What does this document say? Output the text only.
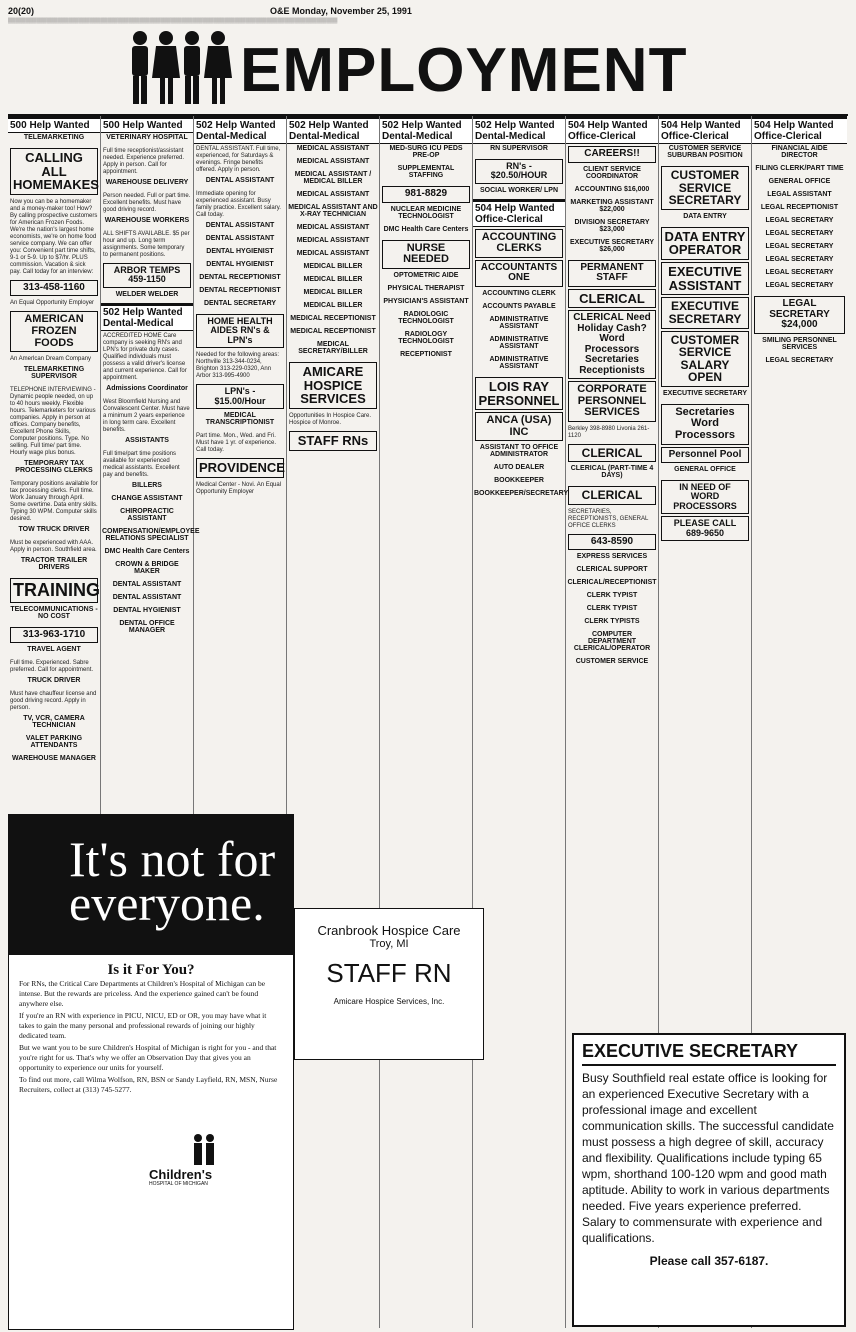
20(20)	O&E Monday, November 25, 1991
▒▒▒▒▒▒▒▒▒▒▒▒▒▒▒▒▒▒▒▒▒▒▒▒▒▒▒▒▒▒▒▒▒▒▒▒▒▒▒▒▒▒▒▒▒▒▒▒▒▒▒▒▒▒▒▒▒▒▒▒▒▒▒▒▒▒▒▒▒▒▒▒▒▒▒▒▒▒▒▒▒▒▒▒▒▒▒▒▒▒▒▒▒
EMPLOYMENT
500 Help Wanted
TELEMARKETING
CALLING ALL HOMEMAKES
Now you can be a homemaker and a money-maker too! How? By calling prospective customers for American Frozen Foods. We're the nation's largest home economists, we're on home food service company. We can offer you: Convenient part time shifts, 9-1 or 5-9. Up to $7/hr. PLUS commission. Vacation & sick pay. Call today for an interview:
313-458-1160
An Equal Opportunity Employer
AMERICAN FROZEN FOODS
An Amerlcan Dream Company
TELEMARKETING SUPERVISOR
TELEPHONE INTERVIEWING - Dynamic people needed, on up to 40 hours weekly. Flexible hours. Telemarketers for various companies. Apply in person at offices. Company benefits, Excellent Phone Skills, Computer positions. Type. No selling. Full time/ part time. Hourly wage plus bonus.
TEMPORARY TAX PROCESSING CLERKS
Temporary positions available for tax processing clerks. Full time. Work January through April. Some overtime. Data entry skills. Typing 30 WPM. Computer skills desired.
TOW TRUCK DRIVER
Must be experienced with AAA. Apply in person. Southfield area.
TRACTOR TRAILER DRIVERS
TRAINING
TELECOMMUNICATIONS - NO COST
313-963-1710
TRAVEL AGENT
Full time. Experienced. Sabre preferred. Call for appointment.
TRUCK DRIVER
Must have chauffeur license and good driving record. Apply in person.
TV, VCR, CAMERA TECHNICIAN
VALET PARKING ATTENDANTS
WAREHOUSE MANAGER
500 Help Wanted
VETERINARY HOSPITAL
Full time receptionist/assistant needed. Experience preferred. Apply in person. Call for appointment.
WAREHOUSE DELIVERY
Person needed. Full or part time. Excellent benefits. Must have good driving record.
WAREHOUSE WORKERS
ALL SHIFTS AVAILABLE. $5 per hour and up. Long term assignments. Some temporary to permanent positions.
ARBOR TEMPS 459-1150
WELDER WELDER
502 Help Wanted Dental-Medical
ACCREDITED HOME Care company is seeking RN's and LPN's for private duty cases. Qualified individuals must possess a valid driver's license and current experience. Call for appointment.
Admissions Coordinator
West Bloomfield Nursing and Convalescent Center. Must have a minimum 2 years experience in long term care. Excellent benefits.
ASSISTANTS
Full time/part time positions available for experienced medical assistants. Excellent pay and benefits.
BILLERS
CHANGE ASSISTANT
CHIROPRACTIC ASSISTANT
COMPENSATION/EMPLOYEE RELATIONS SPECIALIST
DMC Health Care Centers
CROWN & BRIDGE MAKER
DENTAL ASSISTANT
DENTAL ASSISTANT
DENTAL HYGIENIST
DENTAL OFFICE MANAGER
502 Help Wanted Dental-Medical
DENTAL ASSISTANT. Full time, experienced, for Saturdays & evenings. Fringe benefits offered. Apply in person.
DENTAL ASSISTANT
Immediate opening for experienced assistant. Busy family practice. Excellent salary. Call today.
DENTAL ASSISTANT
DENTAL ASSISTANT
DENTAL HYGIENIST
DENTAL HYGIENIST
DENTAL RECEPTIONIST
DENTAL RECEPTIONIST
DENTAL SECRETARY
HOME HEALTH AIDES RN's & LPN's
Needed for the following areas: Northville 313-344-0234, Brighton 313-229-0320, Ann Arbor 313-995-4900
LPN's - $15.00/Hour
MEDICAL TRANSCRIPTIONIST
Part time. Mon., Wed. and Fri. Must have 1 yr. of experience. Call today.
PROVIDENCE
Medical Center - Novi. An Equal Opportunity Employer
502 Help Wanted Dental-Medical
MEDICAL ASSISTANT
MEDICAL ASSISTANT
MEDICAL ASSISTANT / MEDICAL BILLER
MEDICAL ASSISTANT
MEDICAL ASSISTANT AND X-RAY TECHNICIAN
MEDICAL ASSISTANT
MEDICAL ASSISTANT
MEDICAL ASSISTANT
MEDICAL BILLER
MEDICAL BILLER
MEDICAL BILLER
MEDICAL BILLER
MEDICAL RECEPTIONIST
MEDICAL RECEPTIONIST
MEDICAL SECRETARY/BILLER
AMICARE HOSPICE SERVICES
Opportunities In Hospice Care. Hospice of Monroe.
STAFF RNs
502 Help Wanted Dental-Medical
MED-SURG ICU PEDS PRE-OP
SUPPLEMENTAL STAFFING
981-8829
NUCLEAR MEDICINE TECHNOLOGIST
DMC Health Care Centers
NURSE NEEDED
OPTOMETRIC AIDE
PHYSICAL THERAPIST
PHYSICIAN'S ASSISTANT
RADIOLOGIC TECHNOLOGIST
RADIOLOGY TECHNOLOGIST
RECEPTIONIST
502 Help Wanted Dental-Medical
RN SUPERVISOR
RN's - $20.50/HOUR
SOCIAL WORKER/ LPN
504 Help Wanted Office-Clerical
ACCOUNTING CLERKS
ACCOUNTANTS ONE
ACCOUNTING CLERK
ACCOUNTS PAYABLE
ADMINISTRATIVE ASSISTANT
ADMINISTRATIVE ASSISTANT
ADMINISTRATIVE ASSISTANT
LOIS RAY PERSONNEL
ANCA (USA) INC
ASSISTANT TO OFFICE ADMINISTRATOR
AUTO DEALER
BOOKKEEPER
BOOKKEEPER/SECRETARY
504 Help Wanted Office-Clerical
CAREERS!!
CLIENT SERVICE COORDINATOR
ACCOUNTING $16,000
MARKETING ASSISTANT $22,000
DIVISION SECRETARY $23,000
EXECUTIVE SECRETARY $26,000
PERMANENT STAFF
CLERICAL
CLERICAL Need Holiday Cash? Word Processors Secretaries Receptionists
CORPORATE PERSONNEL SERVICES
Berkley 398-8980 Livonia 261-1120
CLERICAL
CLERICAL (PART-TIME 4 DAYS)
CLERICAL
SECRETARIES, RECEPTIONISTS, GENERAL OFFICE CLERKS
643-8590
EXPRESS SERVICES
CLERICAL SUPPORT
CLERICAL/RECEPTIONIST
CLERK TYPIST
CLERK TYPIST
CLERK TYPISTS
COMPUTER DEPARTMENT CLERICAL/OPERATOR
CUSTOMER SERVICE
504 Help Wanted Office-Clerical
CUSTOMER SERVICE SUBURBAN POSITION
CUSTOMER SERVICE SECRETARY
DATA ENTRY
DATA ENTRY OPERATOR
EXECUTIVE ASSISTANT
EXECUTIVE SECRETARY
CUSTOMER SERVICE SALARY OPEN
EXECUTIVE SECRETARY
Secretaries Word Processors
Personnel Pool
GENERAL OFFICE
IN NEED OF WORD PROCESSORS
PLEASE CALL 689-9650
504 Help Wanted Office-Clerical
FINANCIAL AIDE DIRECTOR
FILING CLERK/PART TIME
GENERAL OFFICE
LEGAL ASSISTANT
LEGAL RECEPTIONIST
LEGAL SECRETARY
LEGAL SECRETARY
LEGAL SECRETARY
LEGAL SECRETARY
LEGAL SECRETARY
LEGAL SECRETARY
LEGAL SECRETARY $24,000
SMILING PERSONNEL SERVICES
LEGAL SECRETARY
It's not for everyone.
Is it For You?

For RNs, the Critical Care Departments at Children's Hospital of Michigan can be intense. But the rewards are priceless. And the experience gained can't be found anywhere else.

If you're an RN with experience in PICU, NICU, ED or OR, you may have what it takes to gain the many personal and professional rewards of joining our highly dedicated team.

But we want you to be sure Children's Hospital of Michigan is right for you - and that you're right for us. That's why we offer an Observation Day that gives you an opportunity to experience our units for yourself.

To find out more, call Wilma Wolfson, RN, BSN or Sandy Layfield, RN, MSN, Nurse Recruiters, collect at (313) 745-5277.

Children's
HOSPITAL OF MICHIGAN
Cranbrook Hospice Care
Troy, MI
STAFF RN
Amicare Hospice Services, Inc.
EXECUTIVE SECRETARY
Busy Southfield real estate office is looking for an experienced Executive Secretary with a professional image and excellent communication skills. The successful candidate must possess a high degree of skill, accuracy and flexibility. Qualifications include typing 65 wpm, shorthand 100-120 wpm and good math aptitude. Ability to work in various departments needed. Five years experience preferred. Salary to commensurate with experience and qualifications.
Please call 357-6187.
